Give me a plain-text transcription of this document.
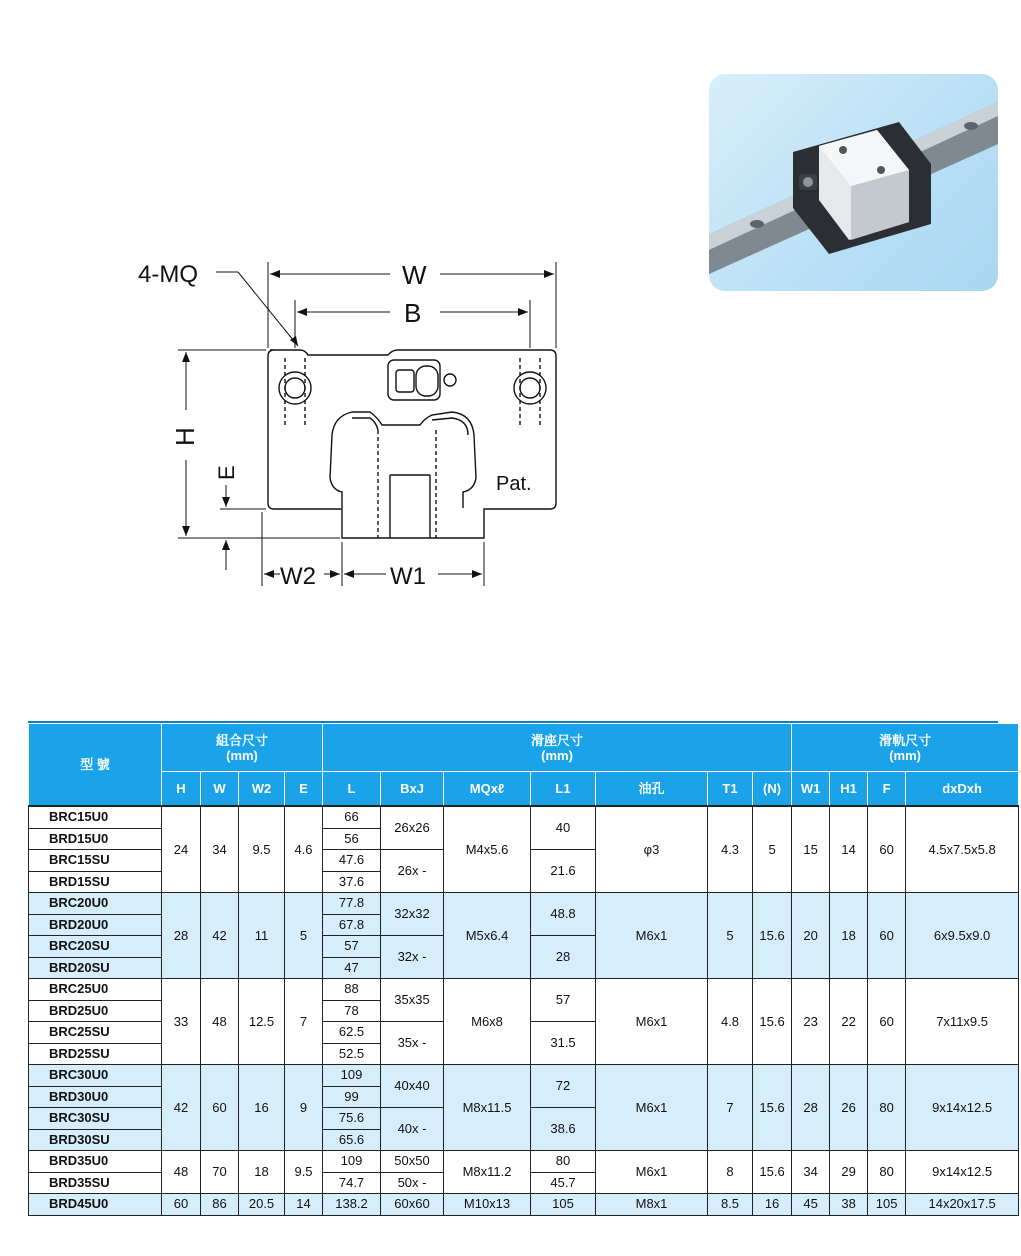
4-MQ	W
B
H
E
W2	W1
Pat.
型 號	組合尺寸
(mm)				滑座尺寸
(mm)							滑軌尺寸
(mm)			
	H	W	W2	E	L	BxJ	MQxℓ	L1	油孔	T1	(N)	W1	H1	F	dxDxh
BRC15U0	24	34	9.5	4.6	66	26x26	M4x5.6	40	φ3	4.3	5	15	14	60	4.5x7.5x5.8
BRD15U0					56										
BRC15SU					47.6	26x -		21.6							
BRD15SU					37.6										
BRC20U0	28	42	11	5	77.8	32x32	M5x6.4	48.8	M6x1	5	15.6	20	18	60	6x9.5x9.0
BRD20U0					67.8										
BRC20SU					57	32x -		28							
BRD20SU					47										
BRC25U0	33	48	12.5	7	88	35x35	M6x8	57	M6x1	4.8	15.6	23	22	60	7x11x9.5
BRD25U0					78										
BRC25SU					62.5	35x -		31.5							
BRD25SU					52.5										
BRC30U0	42	60	16	9	109	40x40	M8x11.5	72	M6x1	7	15.6	28	26	80	9x14x12.5
BRD30U0					99										
BRC30SU					75.6	40x -		38.6							
BRD30SU					65.6										
BRD35U0	48	70	18	9.5	109	50x50	M8x11.2	80	M6x1	8	15.6	34	29	80	9x14x12.5
BRD35SU					74.7	50x -		45.7							
BRD45U0	60	86	20.5	14	138.2	60x60	M10x13	105	M8x1	8.5	16	45	38	105	14x20x17.5
